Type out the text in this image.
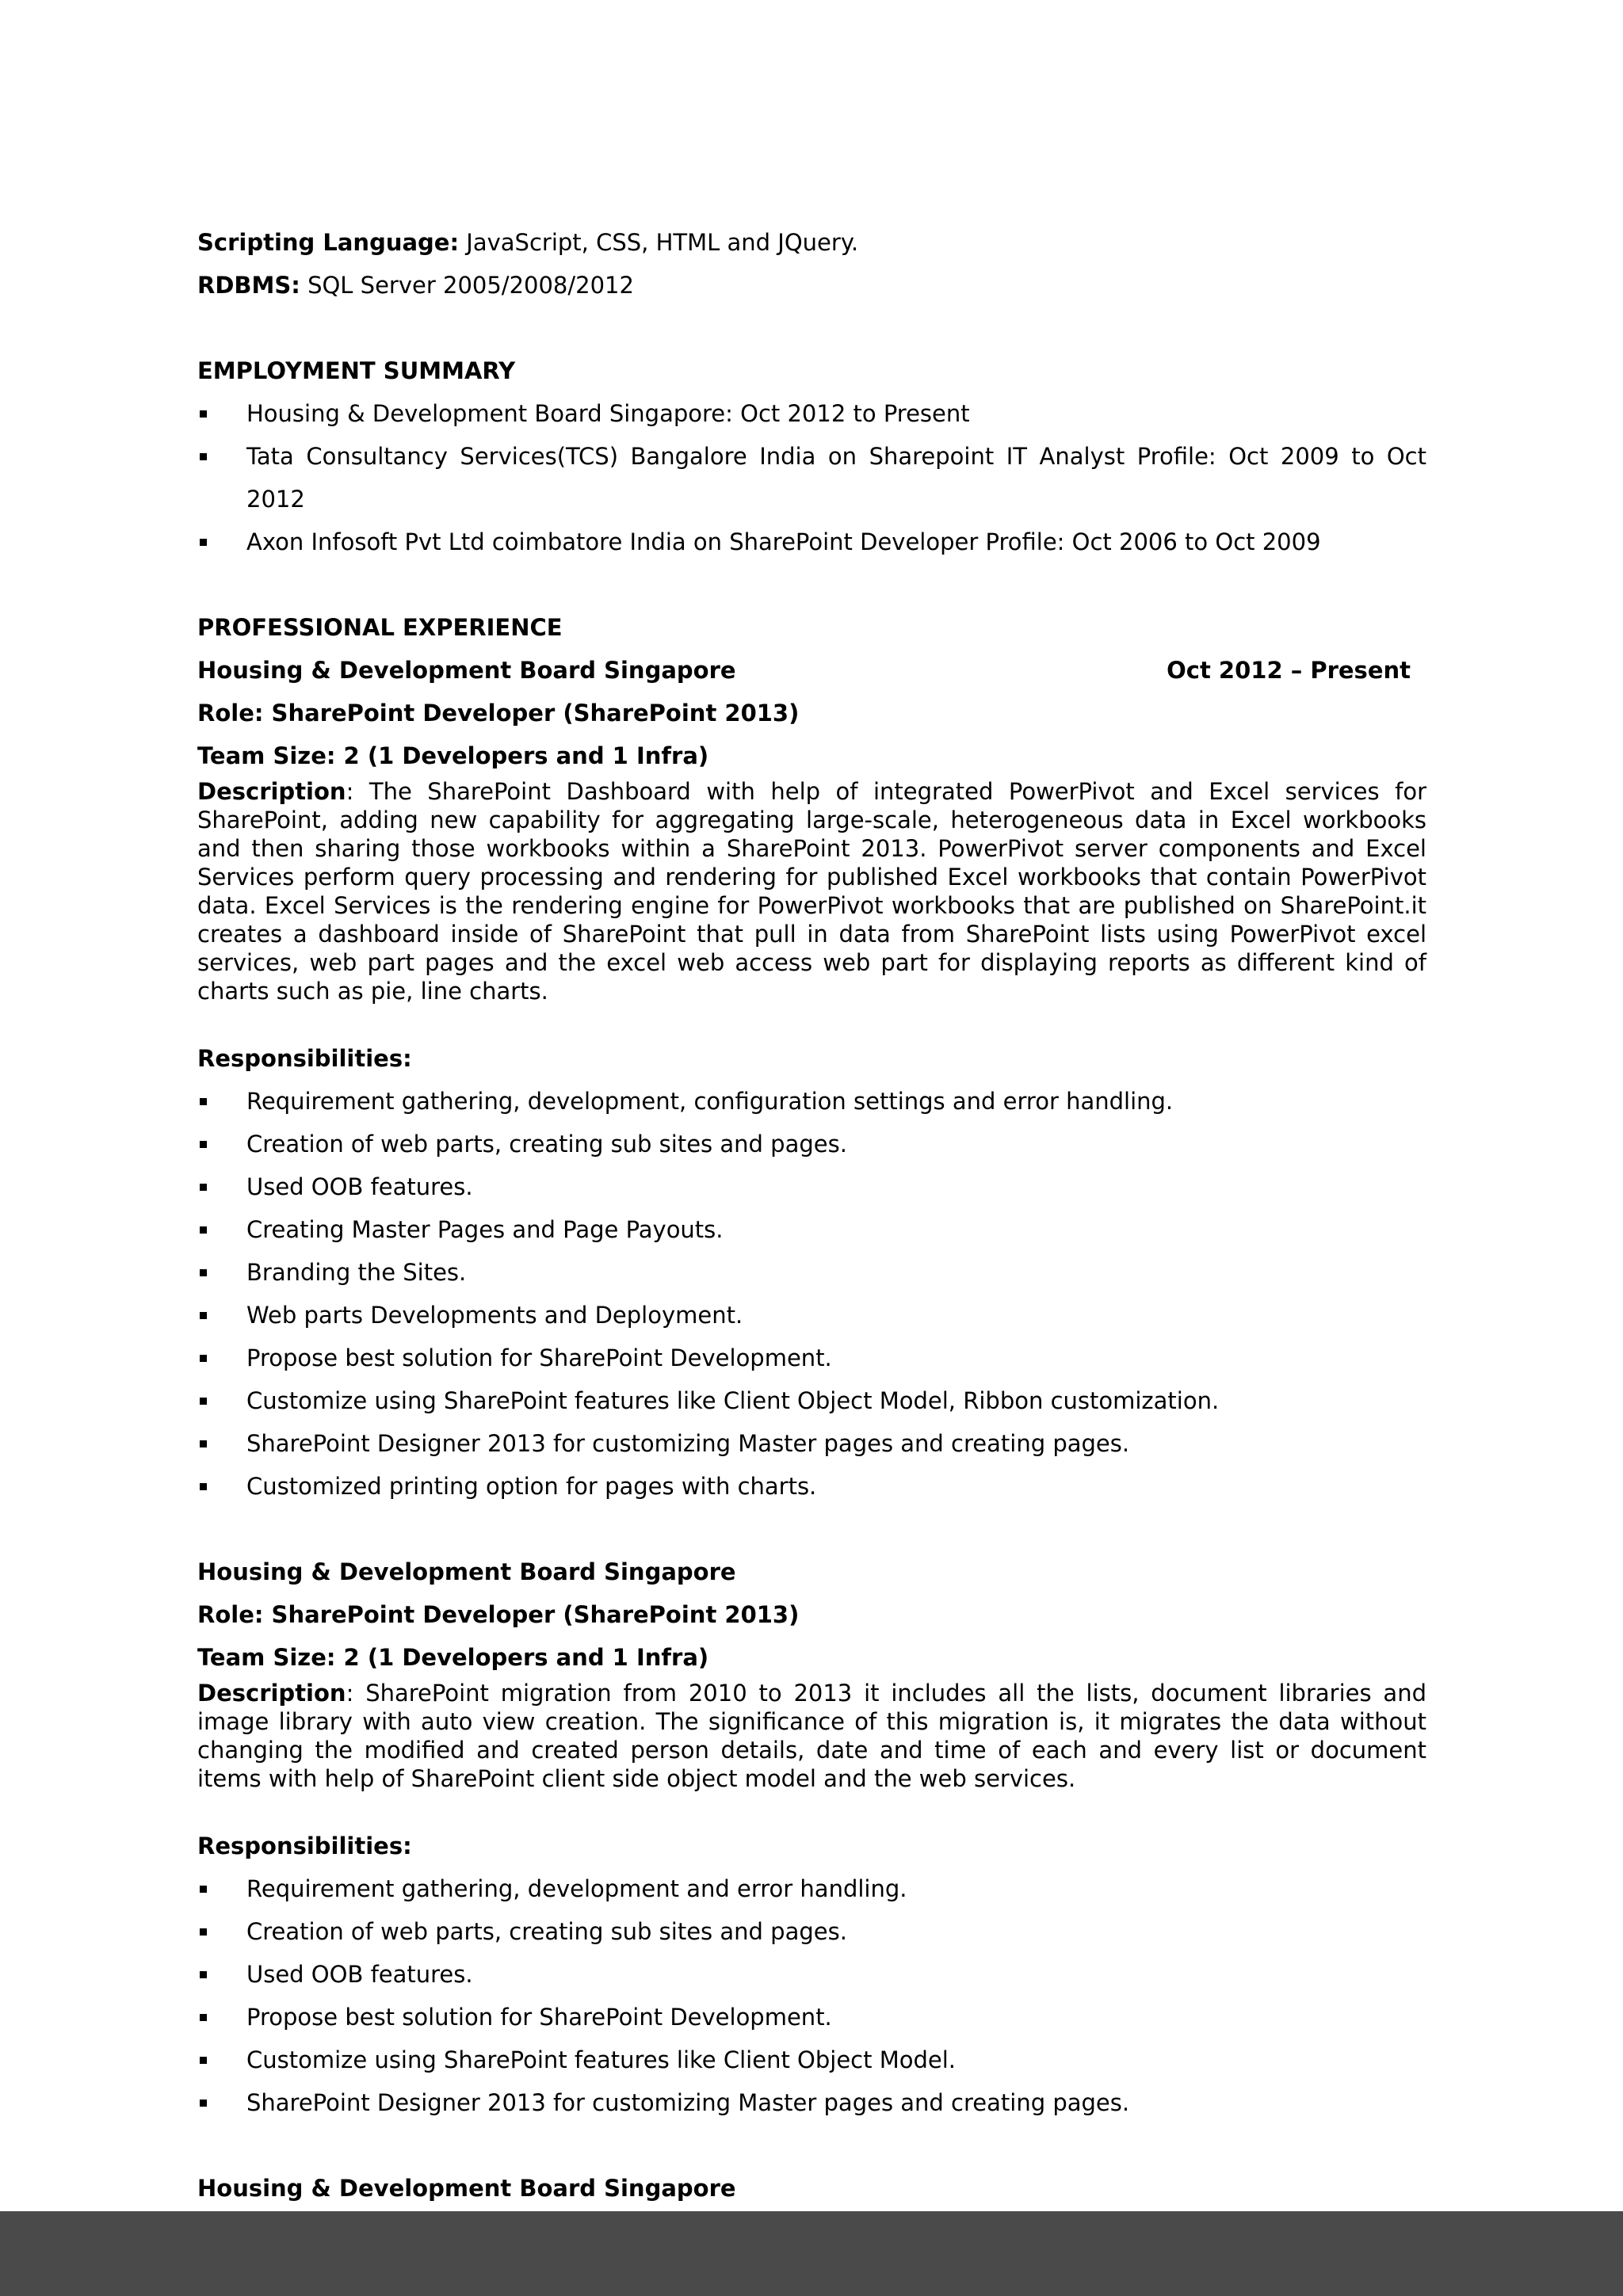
Scripting Language: JavaScript, CSS, HTML and JQuery.

RDBMS: SQL Server 2005/2008/2012

EMPLOYMENT SUMMARY

Housing & Development Board Singapore: Oct 2012 to Present
Tata Consultancy Services(TCS) Bangalore India on Sharepoint IT Analyst Profile: Oct 2009 to Oct 2012
Axon Infosoft Pvt Ltd coimbatore India on SharePoint Developer Profile: Oct 2006 to Oct 2009

PROFESSIONAL EXPERIENCE

Housing & Development Board Singapore	Oct 2012 – Present

Role: SharePoint Developer (SharePoint 2013)

Team Size: 2 (1 Developers and 1 Infra)

Description: The SharePoint Dashboard with help of integrated PowerPivot and Excel services for SharePoint, adding new capability for aggregating large-scale, heterogeneous data in Excel workbooks and then sharing those workbooks within a SharePoint 2013. PowerPivot server components and Excel Services perform query processing and rendering for published Excel workbooks that contain PowerPivot data. Excel Services is the rendering engine for PowerPivot workbooks that are published on SharePoint.it creates a dashboard inside of SharePoint that pull in data from SharePoint lists using PowerPivot excel services, web part pages and the excel web access web part for displaying reports as different kind of charts such as pie, line charts.

Responsibilities:

Requirement gathering, development, configuration settings and error handling.
Creation of web parts, creating sub sites and pages.
Used OOB features.
Creating Master Pages and Page Payouts.
Branding the Sites.
Web parts Developments and Deployment.
Propose best solution for SharePoint Development.
Customize using SharePoint features like Client Object Model, Ribbon customization.
SharePoint Designer 2013 for customizing Master pages and creating pages.
Customized printing option for pages with charts.

Housing & Development Board Singapore

Role: SharePoint Developer (SharePoint 2013)

Team Size: 2 (1 Developers and 1 Infra)

Description: SharePoint migration from 2010 to 2013 it includes all the lists, document libraries and image library with auto view creation. The significance of this migration is, it migrates the data without changing the modified and created person details, date and time of each and every list or document items with help of SharePoint client side object model and the web services.

Responsibilities:

Requirement gathering, development and error handling.
Creation of web parts, creating sub sites and pages.
Used OOB features.
Propose best solution for SharePoint Development.
Customize using SharePoint features like Client Object Model.
SharePoint Designer 2013 for customizing Master pages and creating pages.

Housing & Development Board Singapore
